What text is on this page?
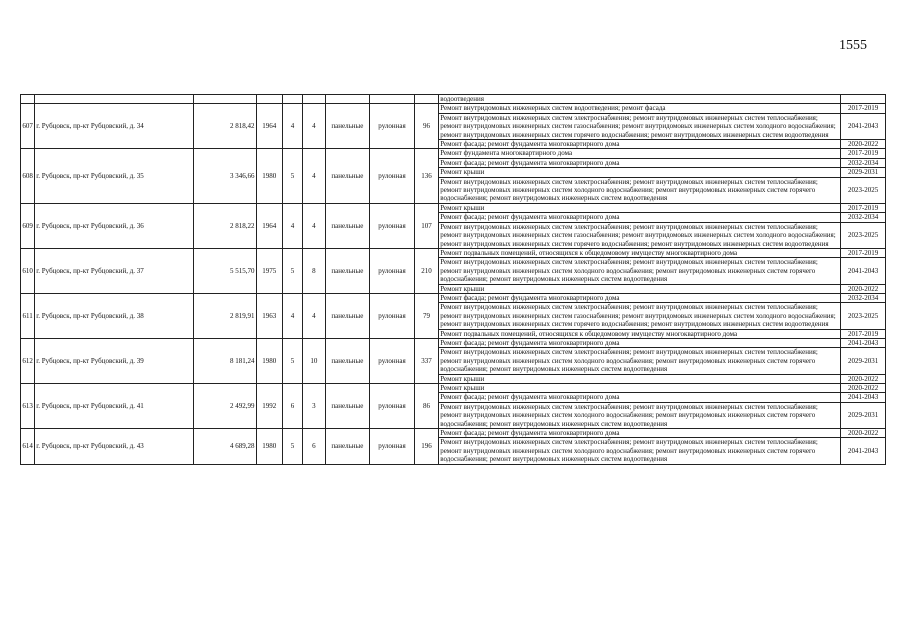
1555
									водоотведения	
607	г. Рубцовск, пр-кт Рубцовский, д. 34	2 818,42	1964	4	4	панельные	рулонная	96	Ремонт внутридомовых инженерных систем водоотведения; ремонт фасада	2017-2019
									Ремонт внутридомовых инженерных систем электроснабжения; ремонт внутридомовых инженерных систем теплоснабжения; ремонт внутридомовых инженерных систем газоснабжения; ремонт внутридомовых инженерных систем холодного водоснабжения; ремонт внутридомовых инженерных систем горячего водоснабжения; ремонт внутридомовых инженерных систем водоотведения	2041-2043
									Ремонт фасада; ремонт фундамента многоквартирного дома	2020-2022
608	г. Рубцовск, пр-кт Рубцовский, д. 35	3 346,66	1980	5	4	панельные	рулонная	136	Ремонт фундамента многоквартирного дома	2017-2019
									Ремонт фасада; ремонт фундамента многоквартирного дома	2032-2034
									Ремонт крыши	2029-2031
									Ремонт внутридомовых инженерных систем электроснабжения; ремонт внутридомовых инженерных систем теплоснабжения; ремонт внутридомовых инженерных систем холодного водоснабжения; ремонт внутридомовых инженерных систем горячего водоснабжения; ремонт внутридомовых инженерных систем водоотведения	2023-2025
609	г. Рубцовск, пр-кт Рубцовский, д. 36	2 818,22	1964	4	4	панельные	рулонная	107	Ремонт крыши	2017-2019
									Ремонт фасада; ремонт фундамента многоквартирного дома	2032-2034
									Ремонт внутридомовых инженерных систем электроснабжения; ремонт внутридомовых инженерных систем теплоснабжения; ремонт внутридомовых инженерных систем газоснабжения; ремонт внутридомовых инженерных систем холодного водоснабжения; ремонт внутридомовых инженерных систем горячего водоснабжения; ремонт внутридомовых инженерных систем водоотведения	2023-2025
610	г. Рубцовск, пр-кт Рубцовский, д. 37	5 515,70	1975	5	8	панельные	рулонная	210	Ремонт подвальных помещений, относящихся к общедомовому имуществу многоквартирного дома	2017-2019
									Ремонт внутридомовых инженерных систем электроснабжения; ремонт внутридомовых инженерных систем теплоснабжения; ремонт внутридомовых инженерных систем холодного водоснабжения; ремонт внутридомовых инженерных систем горячего водоснабжения; ремонт внутридомовых инженерных систем водоотведения	2041-2043
									Ремонт крыши	2020-2022
611	г. Рубцовск, пр-кт Рубцовский, д. 38	2 819,91	1963	4	4	панельные	рулонная	79	Ремонт фасада; ремонт фундамента многоквартирного дома	2032-2034
									Ремонт внутридомовых инженерных систем электроснабжения; ремонт внутридомовых инженерных систем теплоснабжения; ремонт внутридомовых инженерных систем газоснабжения; ремонт внутридомовых инженерных систем холодного водоснабжения; ремонт внутридомовых инженерных систем горячего водоснабжения; ремонт внутридомовых инженерных систем водоотведения	2023-2025
									Ремонт подвальных помещений, относящихся к общедомовому имуществу многоквартирного дома	2017-2019
612	г. Рубцовск, пр-кт Рубцовский, д. 39	8 181,24	1980	5	10	панельные	рулонная	337	Ремонт фасада; ремонт фундамента многоквартирного дома	2041-2043
									Ремонт внутридомовых инженерных систем электроснабжения; ремонт внутридомовых инженерных систем теплоснабжения; ремонт внутридомовых инженерных систем холодного водоснабжения; ремонт внутридомовых инженерных систем горячего водоснабжения; ремонт внутридомовых инженерных систем водоотведения	2029-2031
									Ремонт крыши	2020-2022
613	г. Рубцовск, пр-кт Рубцовский, д. 41	2 492,99	1992	6	3	панельные	рулонная	86	Ремонт крыши	2020-2022
									Ремонт фасада; ремонт фундамента многоквартирного дома	2041-2043
									Ремонт внутридомовых инженерных систем электроснабжения; ремонт внутридомовых инженерных систем теплоснабжения; ремонт внутридомовых инженерных систем холодного водоснабжения; ремонт внутридомовых инженерных систем горячего водоснабжения; ремонт внутридомовых инженерных систем водоотведения	2029-2031
614	г. Рубцовск, пр-кт Рубцовский, д. 43	4 689,28	1980	5	6	панельные	рулонная	196	Ремонт фасада; ремонт фундамента многоквартирного дома	2020-2022
									Ремонт внутридомовых инженерных систем электроснабжения; ремонт внутридомовых инженерных систем теплоснабжения; ремонт внутридомовых инженерных систем холодного водоснабжения; ремонт внутридомовых инженерных систем горячего водоснабжения; ремонт внутридомовых инженерных систем водоотведения	2041-2043
